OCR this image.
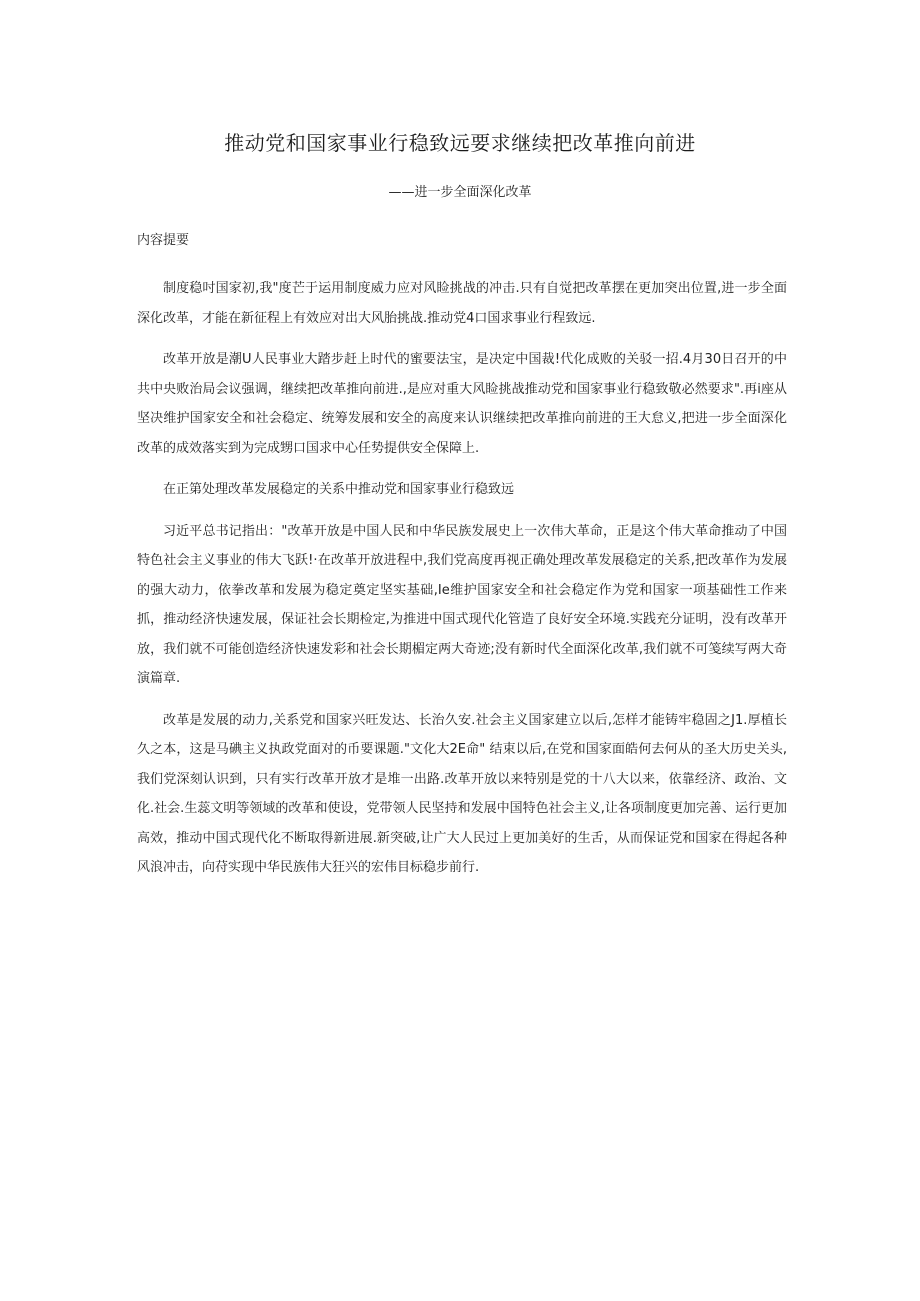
推动党和国家事业行稳致远要求继续把改革推向前进
——进一步全面深化改革
内容提要

制度稳吋国家初,我"度芒于运用制度威力应对风睑挑战的冲击.只有自觉把改革摆在更加突出位置,进一步全面深化改革，才能在新征程上有效应对岀大风胎挑战.推动党4口国求事业行程致远.

改革开放是潮U人民事业大踏步赶上时代的蜜要法宝，是决定中国裁!代化成败的关驳一招.4月30日召开的中共中央败治局会议强调，继续把改革推向前进.,是应对重大风睑挑战推动党和国家事业行稳致敬必然要求".再i座从坚决维护国家安全和社会稳定、统筹发展和安全的高度来认识继续把改革推向前进的王大怠义,把进一步全面深化改革的成效落实到为完成甥口国求中心任势提供安全保障上.

在正第处理改革发展稳定的关系中推动党和国家事业行稳致远

习近平总书记指出："改革开放是中国人民和中华民族发展史上一次伟大革命，正是这个伟大革命推动了中国特色社会主义事业的伟大飞跃!·在改革开放进程中,我们党高度再视正确处理改革发展稳定的关系,把改革作为发展的强大动力，依拳改革和发展为稳定奠定坚实基础,Ie维护国家安全和社会稳定作为党和国家一项基础性工作来抓，推动经济快速发展，保证社会长期检定,为推进中国式现代化管造了良好安全环境.实践充分证明，没有改革开放，我们就不可能创造经济快速发彩和社会长期楣定两大奇迹;没有新时代全面深化改革,我们就不可笺续写两大奇演篇章.

改革是发展的动力,关系党和国家兴旺发达、长治久安.社会主义国家建立以后,怎样才能铸牢稳固之J1.厚植长久之本，这是马碘主义执政党面对的币要课题."文化大2E命" 结束以后,在党和国家面皓何去何从的圣大历史关头,我们党深刻认识到，只有实行改革开放才是堆一出路.改革开放以来特别是党的十八大以来，依靠经济、政治、文化.社会.生蕊文明等领域的改革和使设，党带领人民坚持和发展中国特色社会主义,让各项制度更加完善、运行更加高效，推动中国式现代化不断取得新进展.新突破,让广大人民过上更加美好的生舌，从而保证党和国家在得起各种风浪冲击，向苻实现中华民族伟大狂兴的宏伟目标稳步前行.
